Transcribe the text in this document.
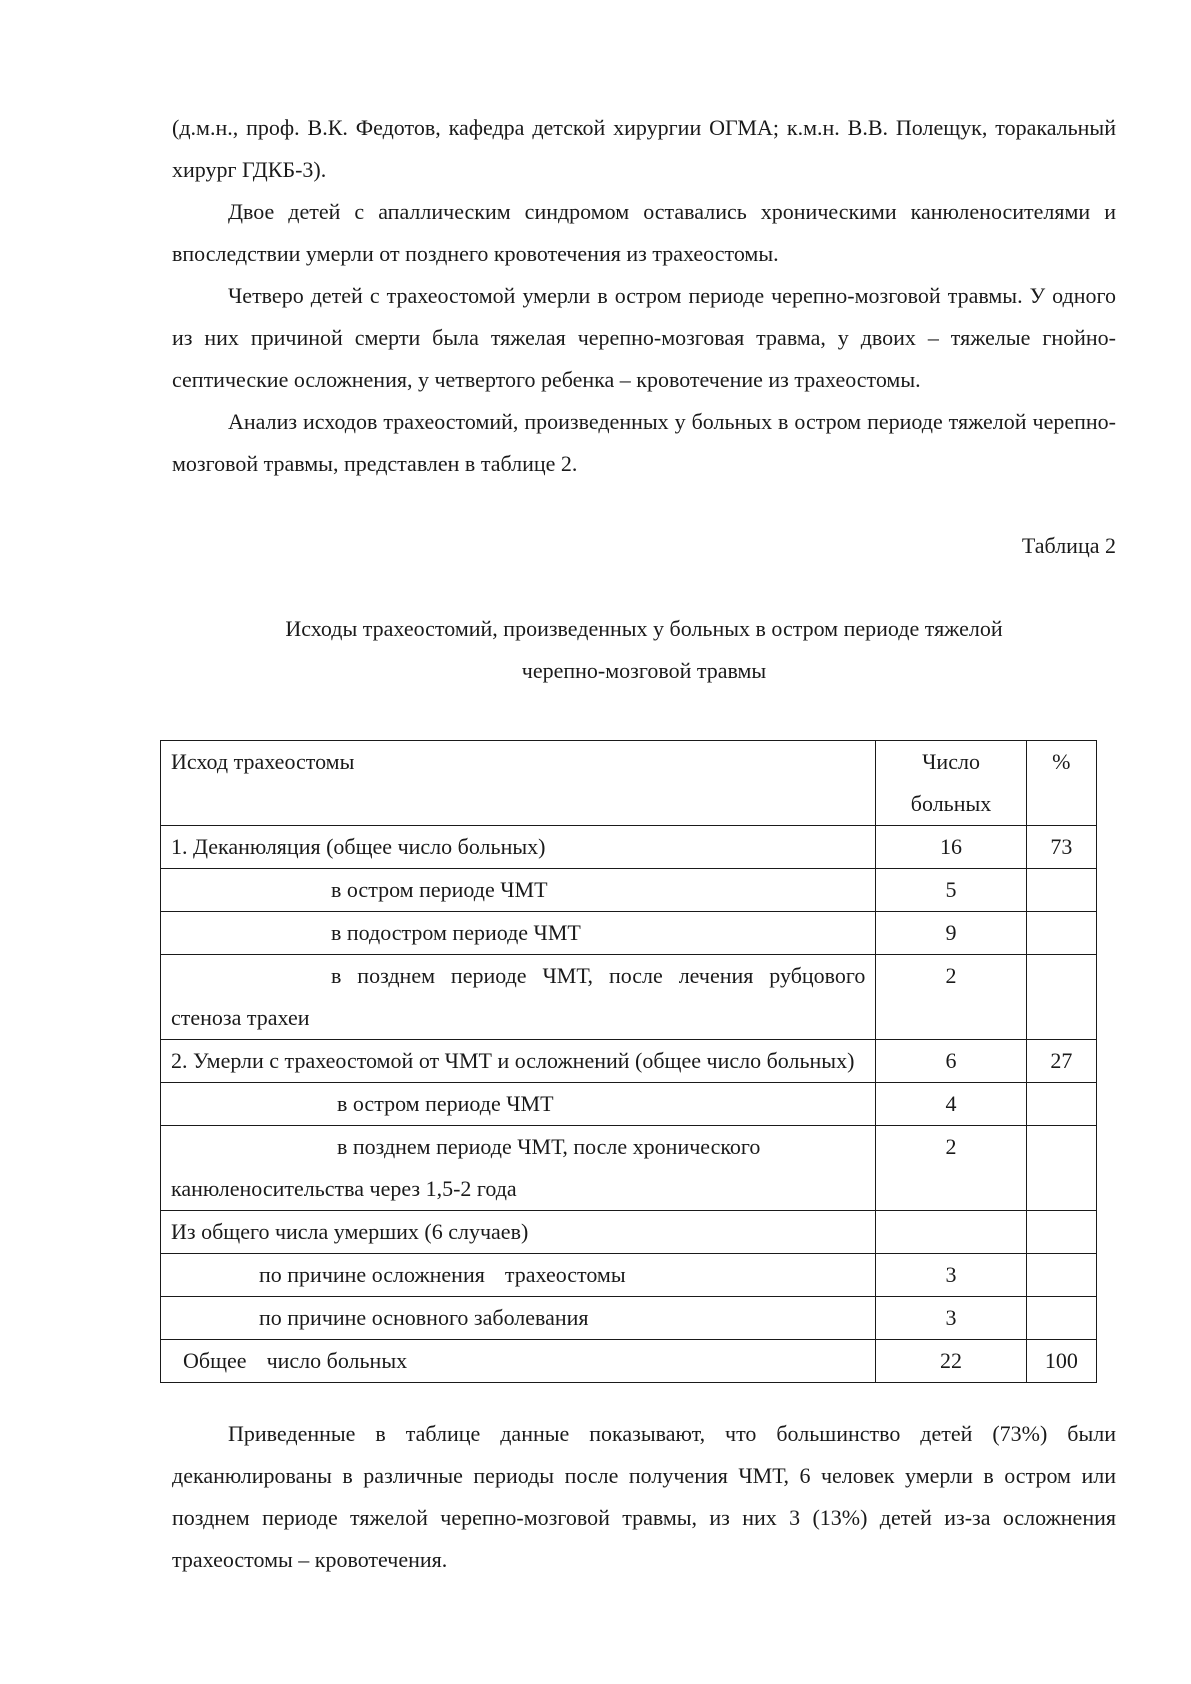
(д.м.н., проф. В.К. Федотов, кафедра детской хирургии ОГМА; к.м.н. В.В. Полещук, торакальный хирург ГДКБ-3).

Двое детей с апаллическим синдромом оставались хроническими канюленосителями и впоследствии умерли от позднего кровотечения из трахеостомы.

Четверо детей с трахеостомой умерли в остром периоде черепно-мозговой травмы. У одного из них причиной смерти была тяжелая черепно-мозговая травма, у двоих – тяжелые гнойно-септические осложнения, у четвертого ребенка – кровотечение из трахеостомы.

Анализ исходов трахеостомий, произведенных у больных в остром периоде тяжелой черепно-мозговой травмы, представлен в таблице 2.

Таблица 2
Исходы трахеостомий, произведенных у больных в остром периоде тяжелой
черепно-мозговой травмы
Исход трахеостомы	Число больных	%
1. Деканюляция (общее число больных)	16	73
в остром периоде ЧМТ	5	
в подостром периоде ЧМТ	9	
в позднем периоде ЧМТ, после лечения рубцового стеноза трахеи	2	
2. Умерли с трахеостомой от ЧМТ и осложнений (общее число больных)	6	27
в остром периоде ЧМТ	4	
в позднем периоде ЧМТ, после хронического канюленосительства через 1,5-2 года	2	
Из общего числа умерших (6 случаев)		
по причине осложнения трахеостомы	3	
по причине основного заболевания	3	
Общее число больных	22	100

Приведенные в таблице данные показывают, что большинство детей (73%) были деканюлированы в различные периоды после получения ЧМТ, 6 человек умерли в остром или позднем периоде тяжелой черепно-мозговой травмы, из них 3 (13%) детей из-за осложнения трахеостомы – кровотечения.
